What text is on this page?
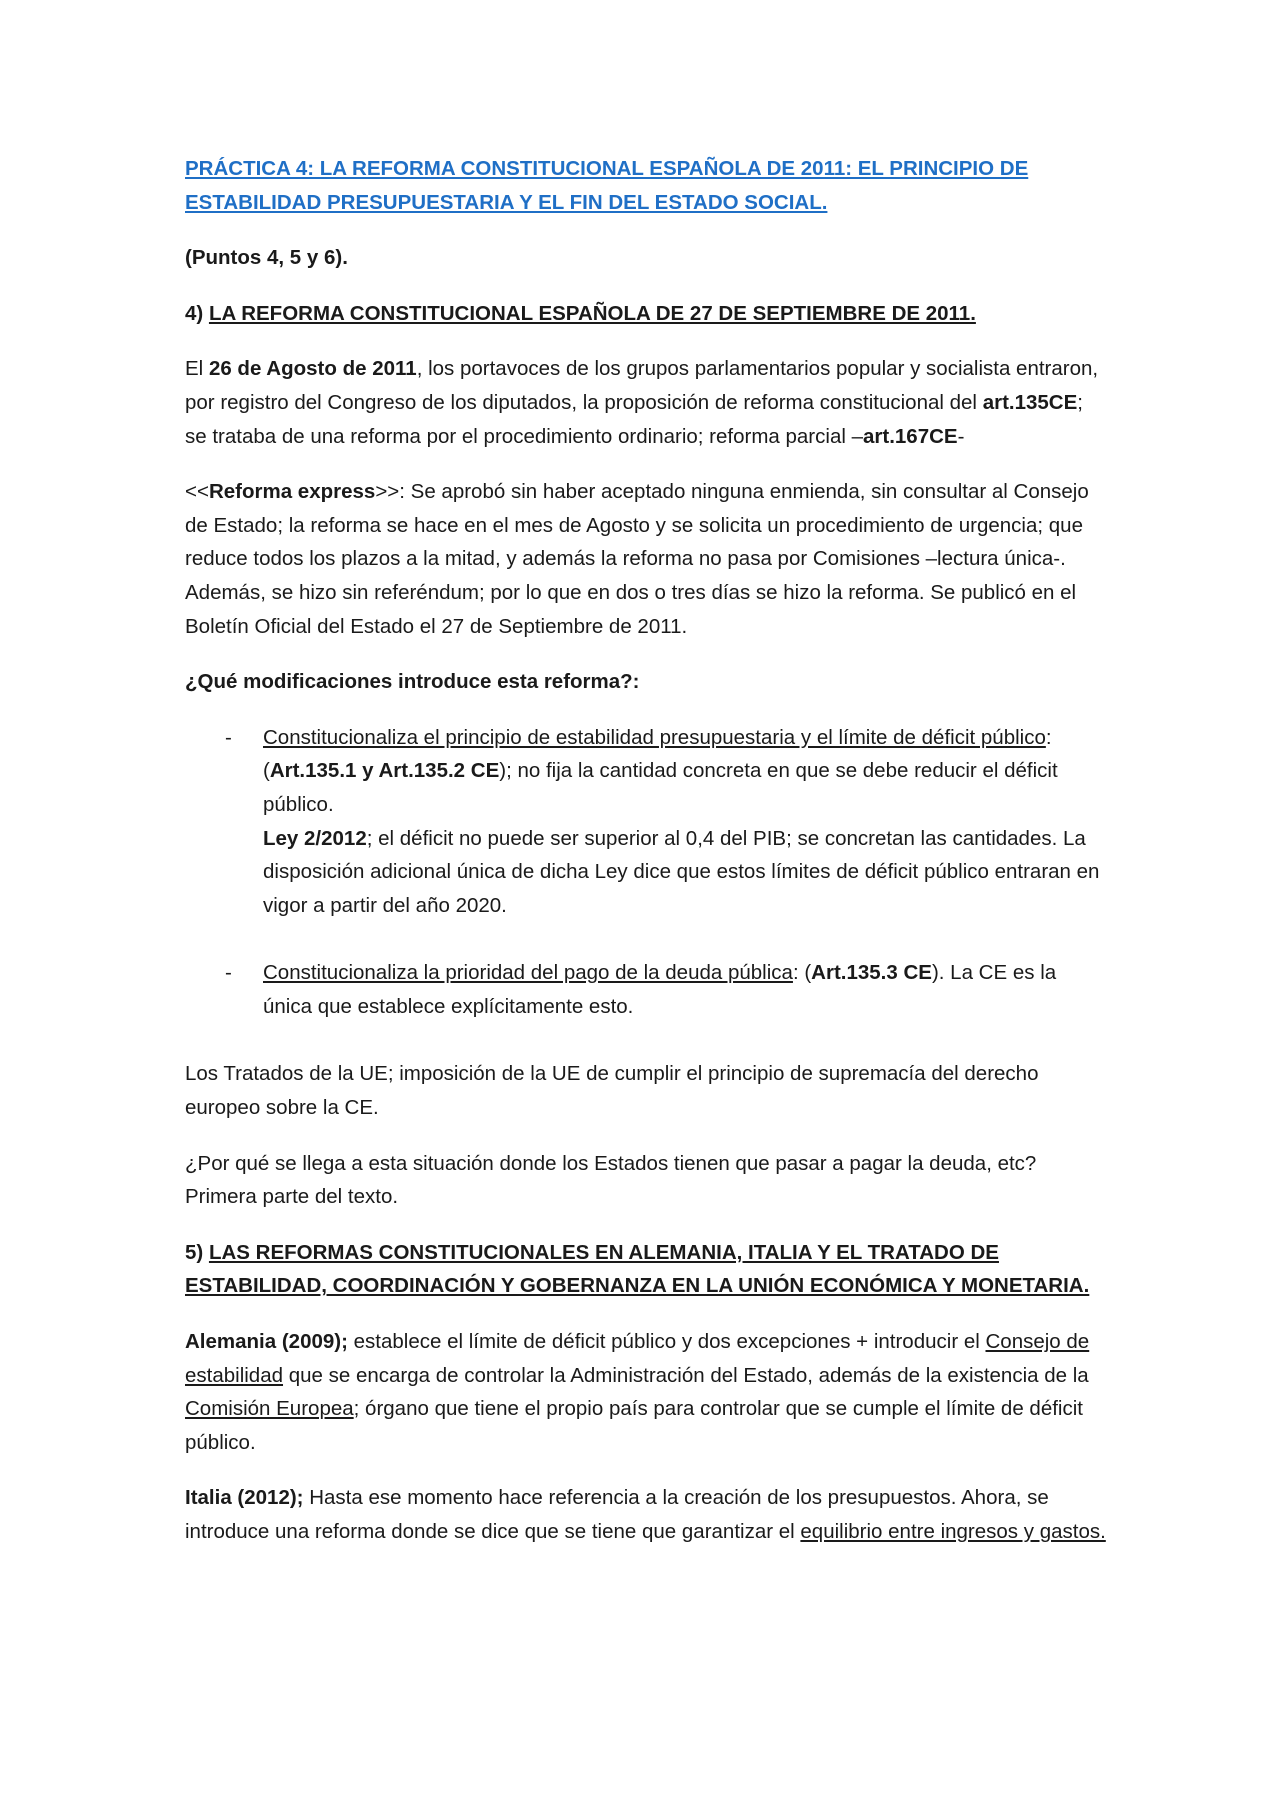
PRÁCTICA 4: LA REFORMA CONSTITUCIONAL ESPAÑOLA DE 2011: EL PRINCIPIO DE
ESTABILIDAD PRESUPUESTARIA Y EL FIN DEL ESTADO SOCIAL.

(Puntos 4, 5 y 6).

4) LA REFORMA CONSTITUCIONAL ESPAÑOLA DE 27 DE SEPTIEMBRE DE 2011.

El 26 de Agosto de 2011, los portavoces de los grupos parlamentarios popular y socialista entraron, por registro del Congreso de los diputados, la proposición de reforma constitucional del art.135CE; se trataba de una reforma por el procedimiento ordinario; reforma parcial –art.167CE-

<<Reforma express>>: Se aprobó sin haber aceptado ninguna enmienda, sin consultar al Consejo de Estado; la reforma se hace en el mes de Agosto y se solicita un procedimiento de urgencia; que reduce todos los plazos a la mitad, y además la reforma no pasa por Comisiones –lectura única-. Además, se hizo sin referéndum; por lo que en dos o tres días se hizo la reforma. Se publicó en el Boletín Oficial del Estado el 27 de Septiembre de 2011.

¿Qué modificaciones introduce esta reforma?:

- Constitucionaliza el principio de estabilidad presupuestaria y el límite de déficit público: (Art.135.1 y Art.135.2 CE); no fija la cantidad concreta en que se debe reducir el déficit público.
Ley 2/2012; el déficit no puede ser superior al 0,4 del PIB; se concretan las cantidades. La disposición adicional única de dicha Ley dice que estos límites de déficit público entraran en vigor a partir del año 2020.
- Constitucionaliza la prioridad del pago de la deuda pública: (Art.135.3 CE). La CE es la única que establece explícitamente esto.

Los Tratados de la UE; imposición de la UE de cumplir el principio de supremacía del derecho europeo sobre la CE.

¿Por qué se llega a esta situación donde los Estados tienen que pasar a pagar la deuda, etc? Primera parte del texto.

5) LAS REFORMAS CONSTITUCIONALES EN ALEMANIA, ITALIA Y EL TRATADO DE ESTABILIDAD, COORDINACIÓN Y GOBERNANZA EN LA UNIÓN ECONÓMICA Y MONETARIA.

Alemania (2009); establece el límite de déficit público y dos excepciones + introducir el Consejo de estabilidad que se encarga de controlar la Administración del Estado, además de la existencia de la Comisión Europea; órgano que tiene el propio país para controlar que se cumple el límite de déficit público.

Italia (2012); Hasta ese momento hace referencia a la creación de los presupuestos. Ahora, se introduce una reforma donde se dice que se tiene que garantizar el equilibrio entre ingresos y gastos.
